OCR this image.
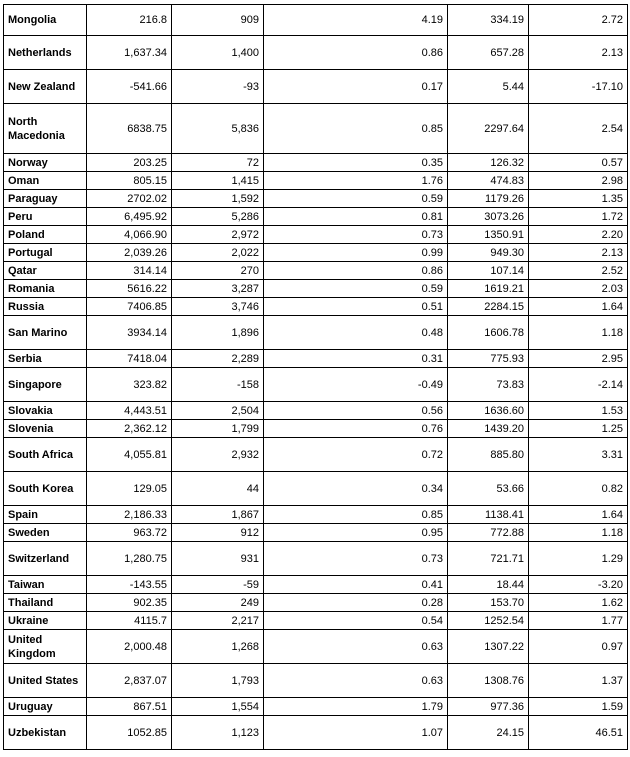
Mongolia	216.8	909	4.19	334.19	2.72
Netherlands	1,637.34	1,400	0.86	657.28	2.13
New Zealand	-541.66	-93	0.17	5.44	-17.10
North Macedonia	6838.75	5,836	0.85	2297.64	2.54
Norway	203.25	72	0.35	126.32	0.57
Oman	805.15	1,415	1.76	474.83	2.98
Paraguay	2702.02	1,592	0.59	1179.26	1.35
Peru	6,495.92	5,286	0.81	3073.26	1.72
Poland	4,066.90	2,972	0.73	1350.91	2.20
Portugal	2,039.26	2,022	0.99	949.30	2.13
Qatar	314.14	270	0.86	107.14	2.52
Romania	5616.22	3,287	0.59	1619.21	2.03
Russia	7406.85	3,746	0.51	2284.15	1.64
San Marino	3934.14	1,896	0.48	1606.78	1.18
Serbia	7418.04	2,289	0.31	775.93	2.95
Singapore	323.82	-158	-0.49	73.83	-2.14
Slovakia	4,443.51	2,504	0.56	1636.60	1.53
Slovenia	2,362.12	1,799	0.76	1439.20	1.25
South Africa	4,055.81	2,932	0.72	885.80	3.31
South Korea	129.05	44	0.34	53.66	0.82
Spain	2,186.33	1,867	0.85	1138.41	1.64
Sweden	963.72	912	0.95	772.88	1.18
Switzerland	1,280.75	931	0.73	721.71	1.29
Taiwan	-143.55	-59	0.41	18.44	-3.20
Thailand	902.35	249	0.28	153.70	1.62
Ukraine	4115.7	2,217	0.54	1252.54	1.77
United Kingdom	2,000.48	1,268	0.63	1307.22	0.97
United States	2,837.07	1,793	0.63	1308.76	1.37
Uruguay	867.51	1,554	1.79	977.36	1.59
Uzbekistan	1052.85	1,123	1.07	24.15	46.51
